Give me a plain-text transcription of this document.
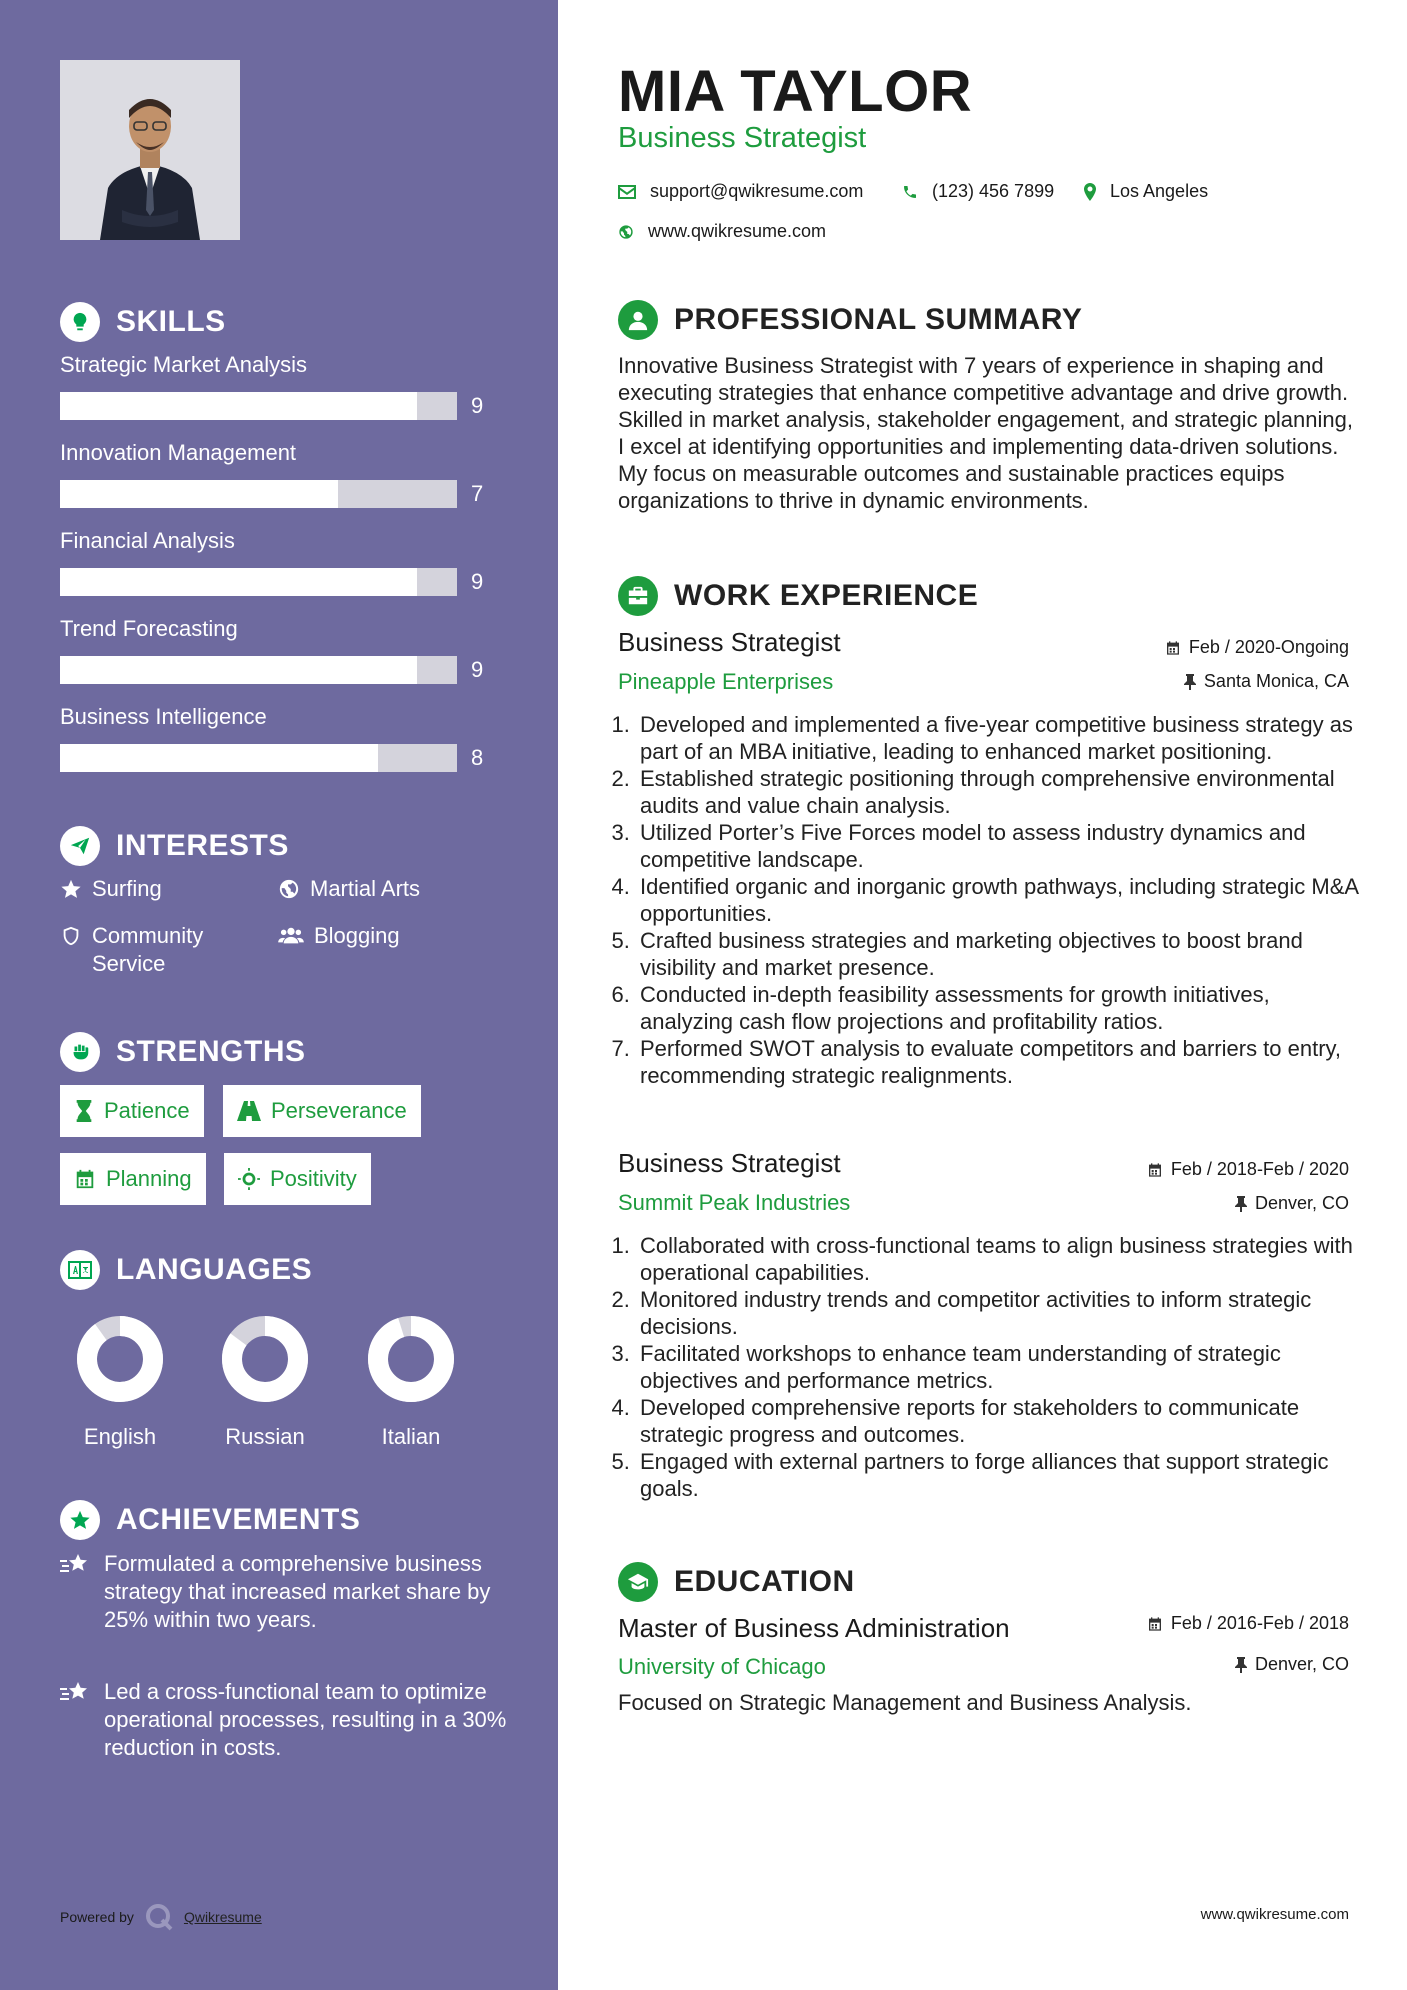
SKILLS
Strategic Market Analysis
9
Innovation Management
7
Financial Analysis
9
Trend Forecasting
9
Business Intelligence
8
INTERESTS
Surfing	Martial Arts
Community Service
Blogging
STRENGTHS
Patience	Perseverance
Planning	Positivity
LANGUAGES
English	Russian	Italian
ACHIEVEMENTS
Formulated a comprehensive business strategy that increased market share by 25% within two years.
Led a cross-functional team to optimize operational processes, resulting in a 30% reduction in costs.
Powered by	Qwikresume
MIA TAYLOR
Business Strategist
support@qwikresume.com	(123) 456 7899	Los Angeles
www.qwikresume.com
PROFESSIONAL SUMMARY
Innovative Business Strategist with 7 years of experience in shaping and executing strategies that enhance competitive advantage and drive growth. Skilled in market analysis, stakeholder engagement, and strategic planning, I excel at identifying opportunities and implementing data-driven solutions. My focus on measurable outcomes and sustainable practices equips organizations to thrive in dynamic environments.
WORK EXPERIENCE
Business Strategist
Pineapple Enterprises
Feb / 2020-Ongoing
Santa Monica, CA
1. Developed and implemented a five-year competitive business strategy as part of an MBA initiative, leading to enhanced market positioning.
2. Established strategic positioning through comprehensive environmental audits and value chain analysis.
3. Utilized Porter’s Five Forces model to assess industry dynamics and competitive landscape.
4. Identified organic and inorganic growth pathways, including strategic M&A opportunities.
5. Crafted business strategies and marketing objectives to boost brand visibility and market presence.
6. Conducted in-depth feasibility assessments for growth initiatives, analyzing cash flow projections and profitability ratios.
7. Performed SWOT analysis to evaluate competitors and barriers to entry, recommending strategic realignments.
Business Strategist
Summit Peak Industries
Feb / 2018-Feb / 2020
Denver, CO
1. Collaborated with cross-functional teams to align business strategies with operational capabilities.
2. Monitored industry trends and competitor activities to inform strategic decisions.
3. Facilitated workshops to enhance team understanding of strategic objectives and performance metrics.
4. Developed comprehensive reports for stakeholders to communicate strategic progress and outcomes.
5. Engaged with external partners to forge alliances that support strategic goals.
EDUCATION
Master of Business Administration
University of Chicago
Feb / 2016-Feb / 2018
Denver, CO
Focused on Strategic Management and Business Analysis.
www.qwikresume.com
